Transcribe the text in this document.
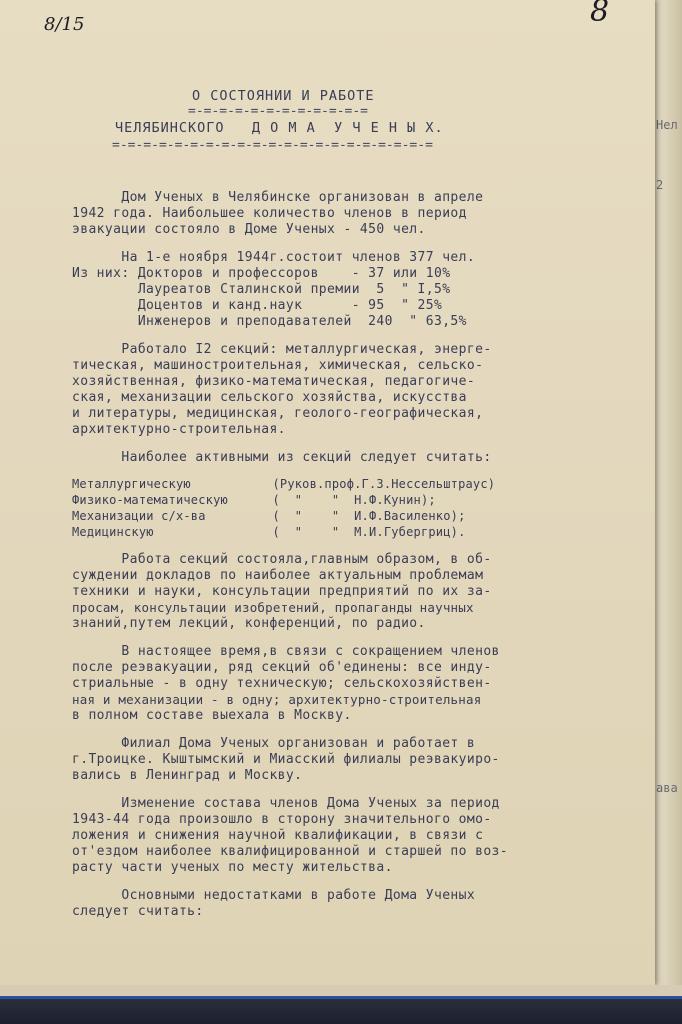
Нел
2
ава
8
8/15
О СОСТОЯНИИ И РАБОТЕ
=-=-=-=-=-=-=-=-=-=-=-=
ЧЕЛЯБИНСКОГО   Д О М А  У Ч Е Н Ы Х.
=-=-=-=-=-=-=-=-=-=-=-=-=-=-=-=-=-=-=-=-=
Дом Ученых в Челябинске организован в апреле
1942 года. Наибольшее количество членов в период
эвакуации состояло в Доме Ученых - 450 чел.
На 1-е ноября 1944г.состоит членов 377 чел.
Из них: Докторов и профессоров    - 37 или 10%
Лауреатов Сталинской премии  5  " I,5%
Доцентов и канд.наук      - 95  " 25%
Инженеров и преподавателей  240  " 63,5%
Работало I2 секций: металлургическая, энерге-
тическая, машиностроительная, химическая, сельско-
хозяйственная, физико-математическая, педагогиче-
ская, механизации сельского хозяйства, искусства
и литературы, медицинская, геолого-географическая,
архитектурно-строительная.
Наиболее активными из секций следует считать:
Металлургическую           (Руков.проф.Г.З.Нессельштраус)
Физико-математическую      (  "    "  Н.Ф.Кунин);
Механизации с/х-ва         (  "    "  И.Ф.Василенко);
Медицинскую                (  "    "  М.И.Губергриц).
Работа секций состояла,главным образом, в об-
суждении докладов по наиболее актуальным проблемам
техники и науки, консультации предприятий по их за-
просам, консультации изобретений, пропаганды научных
знаний,путем лекций, конференций, по радио.
В настоящее время,в связи с сокращением членов
после реэвакуации, ряд секций об'единены: все инду-
стриальные - в одну техническую; сельскохозяйствен-
ная и механизации - в одну; архитектурно-строительная
в полном составе выехала в Москву.
Филиал Дома Ученых организован и работает в
г.Троицке. Кыштымский и Миасский филиалы реэвакуиро-
вались в Ленинград и Москву.
Изменение состава членов Дома Ученых за период
1943-44 года произошло в сторону значительного омо-
ложения и снижения научной квалификации, в связи с
от'ездом наиболее квалифицированной и старшей по воз-
расту части ученых по месту жительства.
Основными недостатками в работе Дома Ученых
следует считать:
